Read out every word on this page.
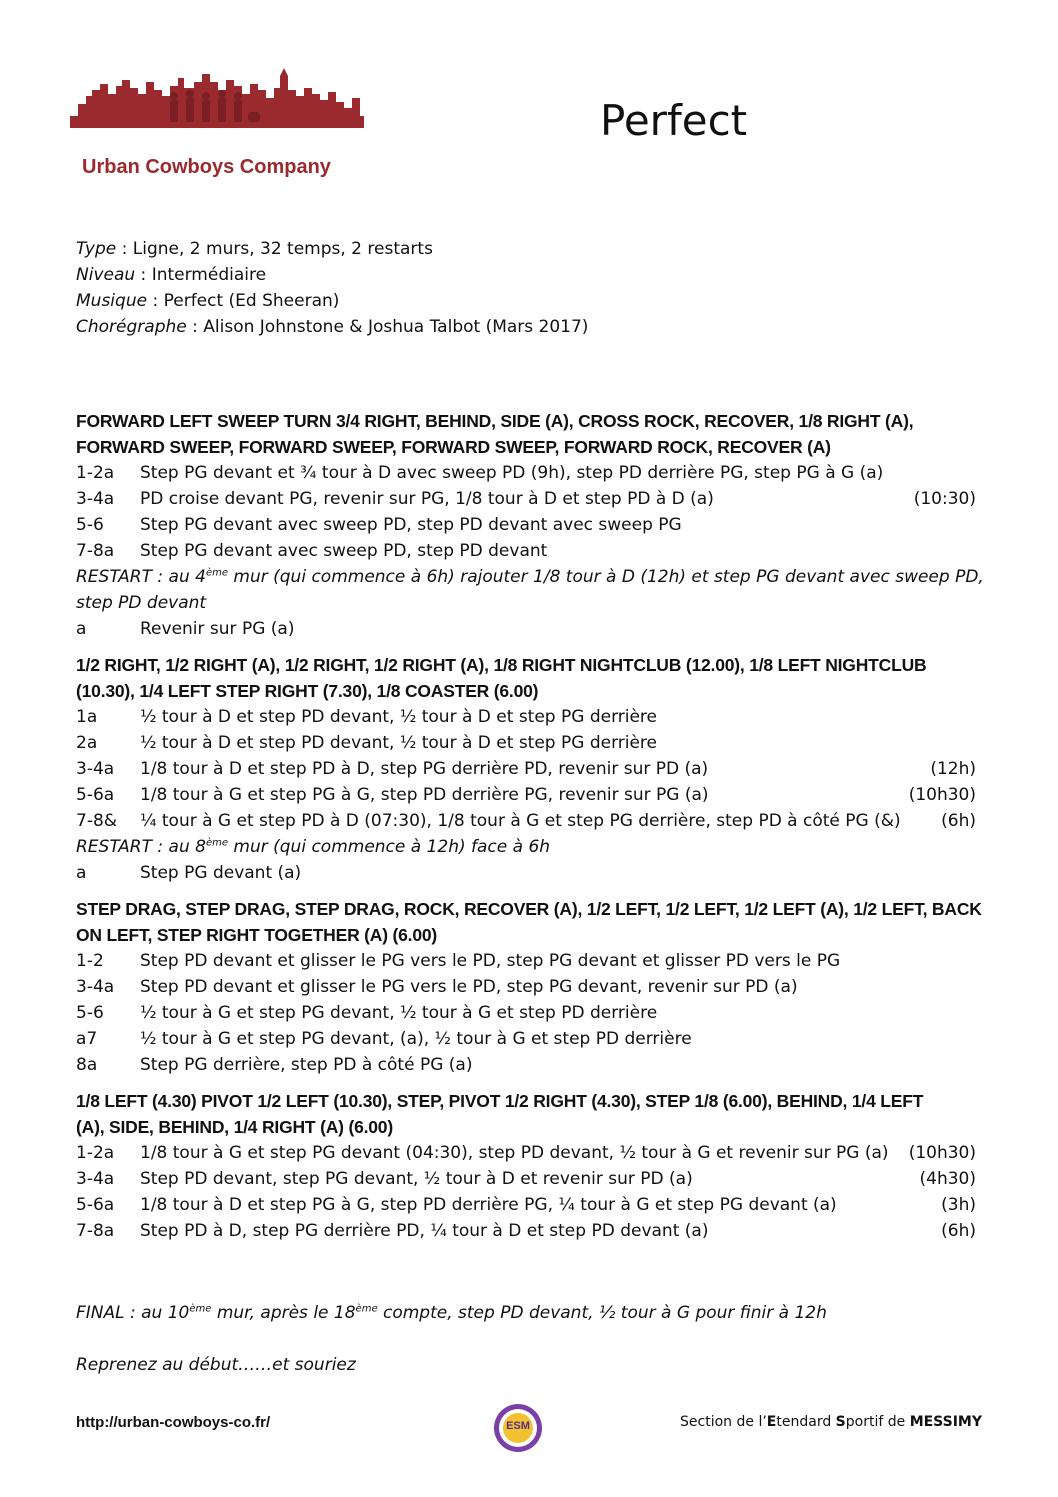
Urban Cowboys Company
Perfect
Type : Ligne, 2 murs, 32 temps, 2 restarts
Niveau : Intermédiaire
Musique : Perfect (Ed Sheeran)
Chorégraphe : Alison Johnstone & Joshua Talbot (Mars 2017)
FORWARD LEFT SWEEP TURN 3/4 RIGHT, BEHIND, SIDE (A), CROSS ROCK, RECOVER, 1/8 RIGHT (A),
FORWARD SWEEP, FORWARD SWEEP, FORWARD SWEEP, FORWARD ROCK, RECOVER (A)
1-2a Step PG devant et ¾ tour à D avec sweep PD (9h), step PD derrière PG, step PG à G (a)
3-4a PD croise devant PG, revenir sur PG, 1/8 tour à D et step PD à D (a)	(10:30)
5-6 Step PG devant avec sweep PD, step PD devant avec sweep PG
7-8a Step PG devant avec sweep PD, step PD devant
RESTART : au 4ème mur (qui commence à 6h) rajouter 1/8 tour à D (12h) et step PG devant avec sweep PD,
step PD devant
a	Revenir sur PG (a)
1/2 RIGHT, 1/2 RIGHT (A), 1/2 RIGHT, 1/2 RIGHT (A), 1/8 RIGHT NIGHTCLUB (12.00), 1/8 LEFT NIGHTCLUB
(10.30), 1/4 LEFT STEP RIGHT (7.30), 1/8 COASTER (6.00)
1a	½ tour à D et step PD devant, ½ tour à D et step PG derrière
2a	½ tour à D et step PD devant, ½ tour à D et step PG derrière
3-4a 1/8 tour à D et step PD à D, step PG derrière PD, revenir sur PD (a)	(12h)
5-6a 1/8 tour à G et step PG à G, step PD derrière PG, revenir sur PG (a)	(10h30)
7-8& ¼ tour à G et step PD à D (07:30), 1/8 tour à G et step PG derrière, step PD à côté PG (&) (6h)
RESTART : au 8ème mur (qui commence à 12h) face à 6h
a	Step PG devant (a)
STEP DRAG, STEP DRAG, STEP DRAG, ROCK, RECOVER (A), 1/2 LEFT, 1/2 LEFT, 1/2 LEFT (A), 1/2 LEFT, BACK
ON LEFT, STEP RIGHT TOGETHER (A) (6.00)
1-2 Step PD devant et glisser le PG vers le PD, step PG devant et glisser PD vers le PG
3-4a Step PD devant et glisser le PG vers le PD, step PG devant, revenir sur PD (a)
5-6 ½ tour à G et step PG devant, ½ tour à G et step PD derrière
a7	½ tour à G et step PG devant, (a), ½ tour à G et step PD derrière
8a	Step PG derrière, step PD à côté PG (a)
1/8 LEFT (4.30) PIVOT 1/2 LEFT (10.30), STEP, PIVOT 1/2 RIGHT (4.30), STEP 1/8 (6.00), BEHIND, 1/4 LEFT
(A), SIDE, BEHIND, 1/4 RIGHT (A) (6.00)
1-2a 1/8 tour à G et step PG devant (04:30), step PD devant, ½ tour à G et revenir sur PG (a) (10h30)
3-4a Step PD devant, step PG devant, ½ tour à D et revenir sur PD (a)	(4h30)
5-6a 1/8 tour à D et step PG à G, step PD derrière PG, ¼ tour à G et step PG devant (a)	(3h)
7-8a Step PD à D, step PG derrière PD, ¼ tour à D et step PD devant (a)	(6h)
FINAL : au 10ème mur, après le 18ème compte, step PD devant, ½ tour à G pour finir à 12h
Reprenez au début……et souriez
http://urban-cowboys-co.fr/	ESM	Section de l’Etendard Sportif de MESSIMY
